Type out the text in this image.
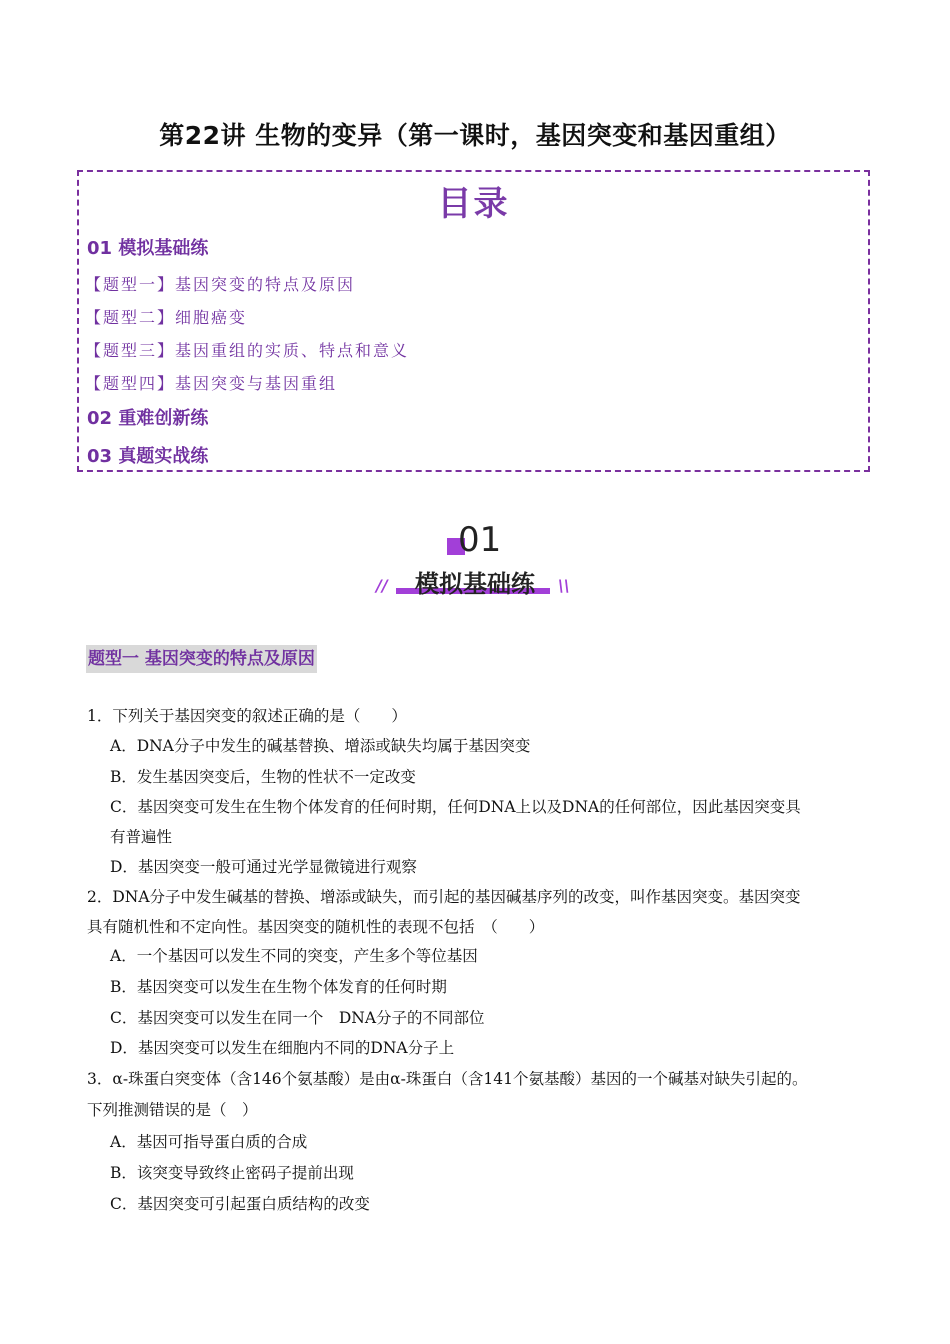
第22讲 生物的变异（第一课时，基因突变和基因重组）
目录
01 模拟基础练
【题型一】基因突变的特点及原因
【题型二】细胞癌变
【题型三】基因重组的实质、特点和意义
【题型四】基因突变与基因重组
02 重难创新练
03 真题实战练
01
模拟基础练
//	\\
题型一 基因突变的特点及原因
1．下列关于基因突变的叙述正确的是（　　）
A．DNA分子中发生的碱基替换、增添或缺失均属于基因突变
B．发生基因突变后，生物的性状不一定改变
C．基因突变可发生在生物个体发育的任何时期，任何DNA上以及DNA的任何部位，因此基因突变具
有普遍性
D．基因突变一般可通过光学显微镜进行观察
2．DNA分子中发生碱基的替换、增添或缺失，而引起的基因碱基序列的改变，叫作基因突变。基因突变
具有随机性和不定向性。基因突变的随机性的表现不包括　（　　）
A．一个基因可以发生不同的突变，产生多个等位基因
B．基因突变可以发生在生物个体发育的任何时期
C．基因突变可以发生在同一个　DNA分子的不同部位
D．基因突变可以发生在细胞内不同的DNA分子上
3．α-珠蛋白突变体（含146个氨基酸）是由α-珠蛋白（含141个氨基酸）基因的一个碱基对缺失引起的。
下列推测错误的是（　）
A．基因可指导蛋白质的合成
B．该突变导致终止密码子提前出现
C．基因突变可引起蛋白质结构的改变
